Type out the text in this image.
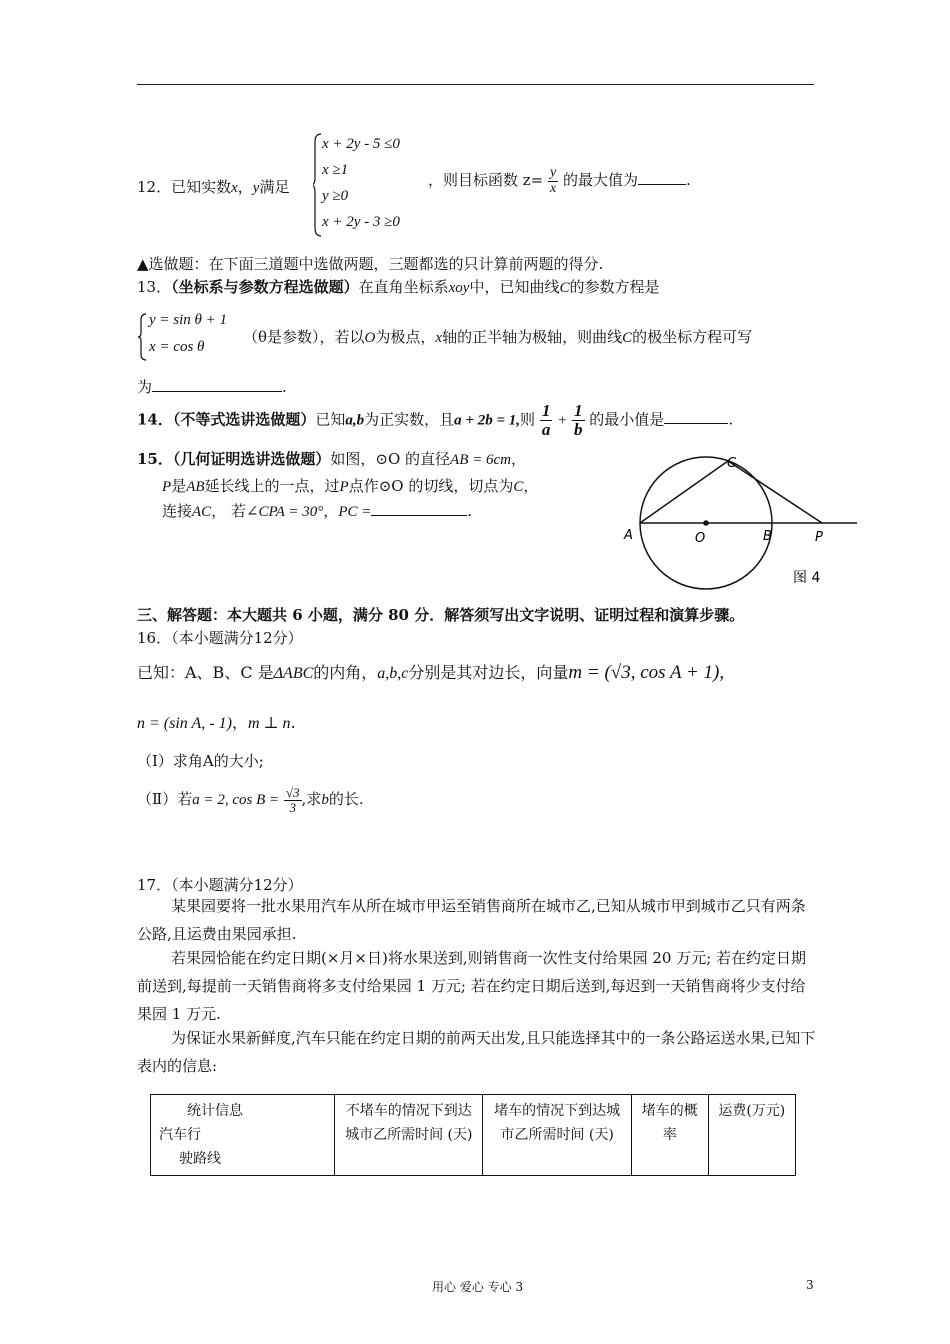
12．已知实数x，y满足
x + 2y - 5 ≤0
x ≥1
y ≥0
x + 2y - 3 ≥0
，则目标函数 $z= \frac{y}{x}$ 的最大值为	.
▲选做题：在下面三道题中选做两题，三题都选的只计算前两题的得分.
13．（坐标系与参数方程选做题）在直角坐标系xoy中，已知曲线C的参数方程是
y = sin θ + 1
x = cos θ
（θ是参数），若以O为极点，x轴的正半轴为极轴，则曲线C的极坐标方程可写
为	.
14．（不等式选讲选做题）已知a,b为正实数，且a + 2b = 1,则 $\frac{1}{a} + \frac{1}{b}$ 的最小值是	.
15．（几何证明选讲选做题）如图，⊙O 的直径AB = 6cm，
P是AB延长线上的一点，过P点作⊙O 的切线，切点为C，
连接AC， 若∠CPA = 30°，PC =	.
A	O	B	P
C
图 4
三、解答题：本大题共 6 小题，满分 80 分．解答须写出文字说明、证明过程和演算步骤。
16．（本小题满分12分）
已知：A、B、C 是ΔABC的内角，a,b,c分别是其对边长，向量m = (√3, cos A + 1),
n = (sin A, - 1)，m ⊥ n.
（Ⅰ）求角A的大小;
（Ⅱ）若a = 2, $\cos B = \frac{√3}{3}$ ,求b的长.
17．（本小题满分12分）
某果园要将一批水果用汽车从所在城市甲运至销售商所在城市乙,已知从城市甲到城市乙只有两条公路,且运费由果园承担.
若果园恰能在约定日期(×月×日)将水果送到,则销售商一次性支付给果园 20 万元; 若在约定日期前送到,每提前一天销售商将多支付给果园 1 万元; 若在约定日期后送到,每迟到一天销售商将少支付给果园 1 万元.
为保证水果新鲜度,汽车只能在约定日期的前两天出发,且只能选择其中的一条公路运送水果,已知下表内的信息:
统计信息
汽车行
驶路线
	不堵车的情况下到达城市乙所需时间 (天)	堵车的情况下到达城市乙所需时间 (天)	堵车的概率	运费(万元)
用心 爱心 专心 3	3
